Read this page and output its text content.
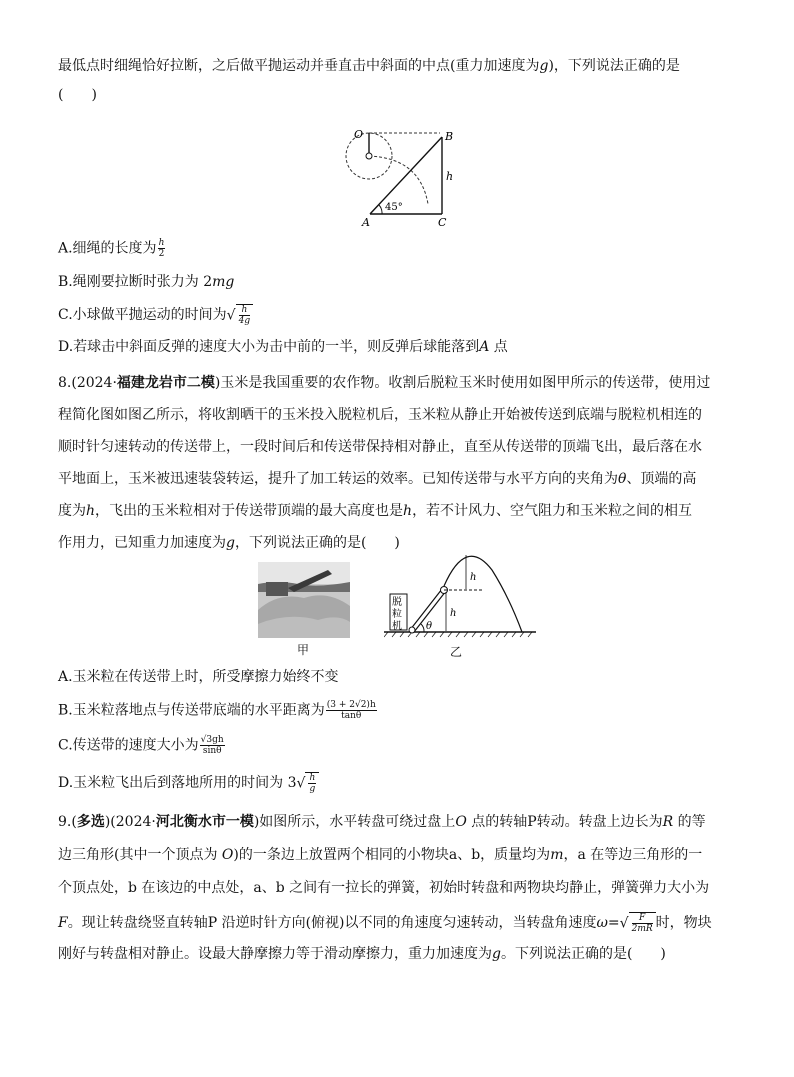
最低点时细绳恰好拉断，之后做平抛运动并垂直击中斜面的中点(重力加速度为g)，下列说法正确的是
(　　)
O	B
A	C
h
45°
A.细绳的长度为 $\frac{h}{2}$
B.绳刚要拉断时张力为 2mg
C.小球做平抛运动的时间为√ $\frac{h}{4g}$
D.若球击中斜面反弹的速度大小为击中前的一半，则反弹后球能落到A 点
8.(2024·福建龙岩市二模)玉米是我国重要的农作物。收割后脱粒玉米时使用如图甲所示的传送带，使用过
程简化图如图乙所示，将收割晒干的玉米投入脱粒机后，玉米粒从静止开始被传送到底端与脱粒机相连的
顺时针匀速转动的传送带上，一段时间后和传送带保持相对静止，直至从传送带的顶端飞出，最后落在水
平地面上，玉米被迅速装袋转运，提升了加工转运的效率。已知传送带与水平方向的夹角为θ、顶端的高
度为h，飞出的玉米粒相对于传送带顶端的最大高度也是h，若不计风力、空气阻力和玉米粒之间的相互
作用力，已知重力加速度为g，下列说法正确的是(　　)
甲
脱
粒
机
h
h
θ
乙
A.玉米粒在传送带上时，所受摩擦力始终不变
B.玉米粒落地点与传送带底端的水平距离为 $\frac{(3 + 2√2)h}{\tan\theta}$
C.传送带的速度大小为 $\frac{√3gh}{\sin\theta}$
D.玉米粒飞出后到落地所用的时间为 $3√ \frac{h}{g}$
9.(多选)(2024·河北衡水市一模)如图所示，水平转盘可绕过盘上O 点的转轴P转动。转盘上边长为R 的等
边三角形(其中一个顶点为 O)的一条边上放置两个相同的小物块a、b，质量均为m，a 在等边三角形的一
个顶点处，b 在该边的中点处，a、b 之间有一拉长的弹簧，初始时转盘和两物块均静止，弹簧弹力大小为
F。现让转盘绕竖直转轴P 沿逆时针方向(俯视)以不同的角速度匀速转动，当转盘角速度$\omega=√ \frac{F}{2mR}$ 时，物块
刚好与转盘相对静止。设最大静摩擦力等于滑动摩擦力，重力加速度为g。下列说法正确的是(　　)
